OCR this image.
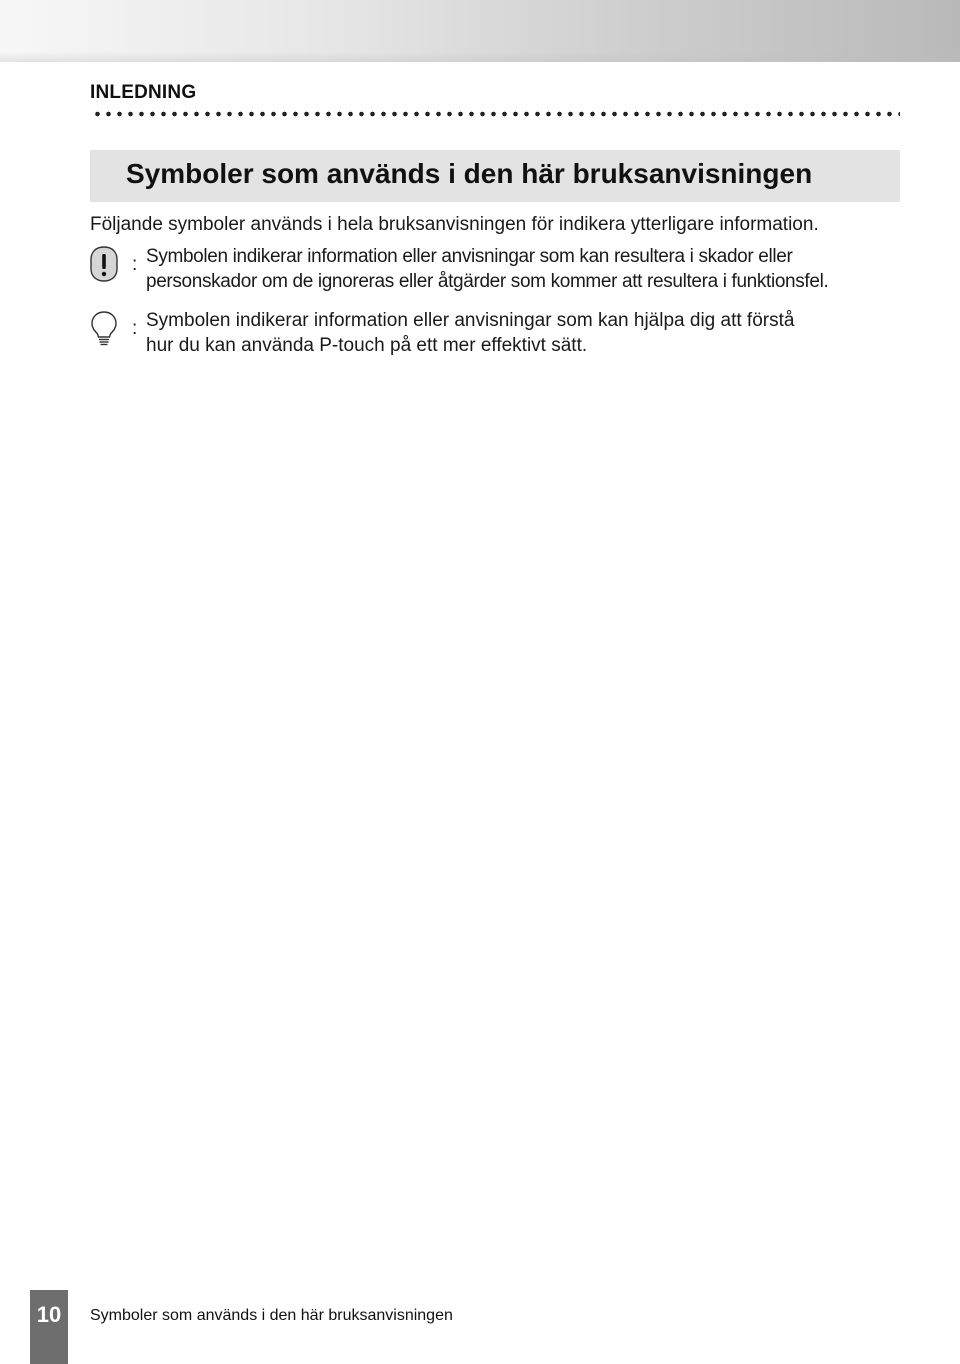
INLEDNING
Symboler som används i den här bruksanvisningen
Följande symboler används i hela bruksanvisningen för indikera ytterligare information.
: Symbolen indikerar information eller anvisningar som kan resultera i skador eller
personskador om de ignoreras eller åtgärder som kommer att resultera i funktionsfel.
: Symbolen indikerar information eller anvisningar som kan hjälpa dig att förstå
hur du kan använda P-touch på ett mer effektivt sätt.
10	Symboler som används i den här bruksanvisningen
